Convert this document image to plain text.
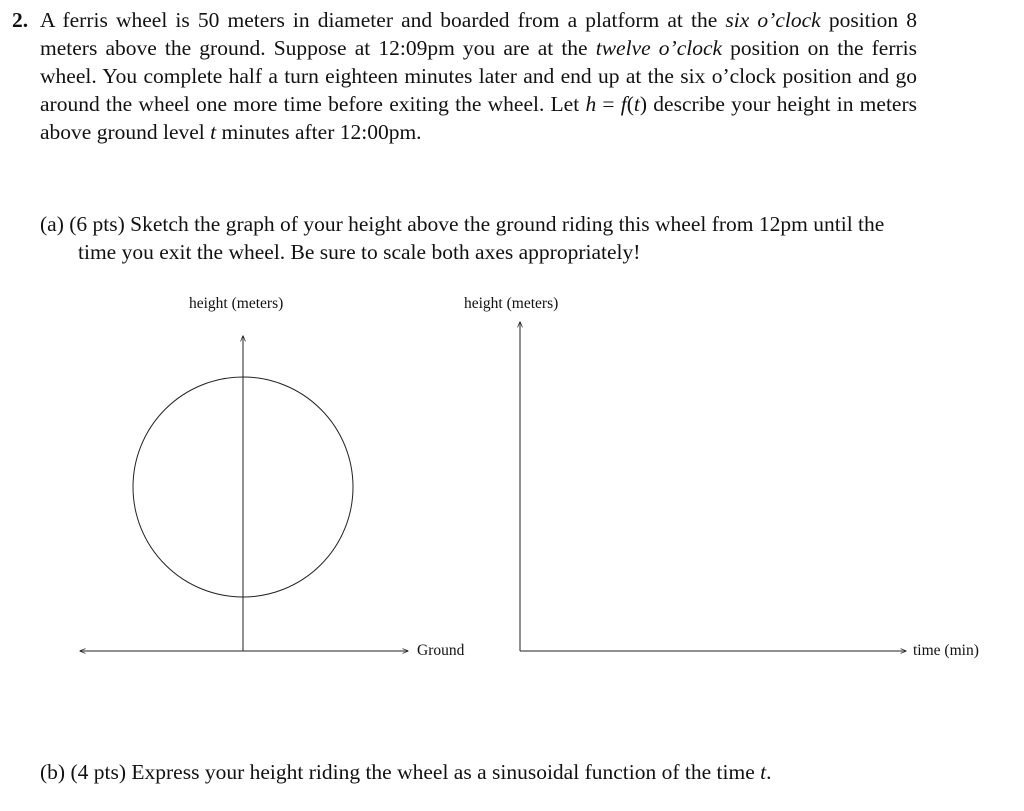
2. A ferris wheel is 50 meters in diameter and boarded from a platform at the six o’clock position 8 meters above the ground. Suppose at 12:09pm you are at the twelve o’clock position on the ferris wheel. You complete half a turn eighteen minutes later and end up at the six o’clock position and go around the wheel one more time before exiting the wheel. Let h = f(t) describe your height in meters above ground level t minutes after 12:00pm.
(a) (6 pts) Sketch the graph of your height above the ground riding this wheel from 12pm until the time you exit the wheel. Be sure to scale both axes appropriately!
height (meters)
Ground
height (meters)
time (min)
(b) (4 pts) Express your height riding the wheel as a sinusoidal function of the time t.
